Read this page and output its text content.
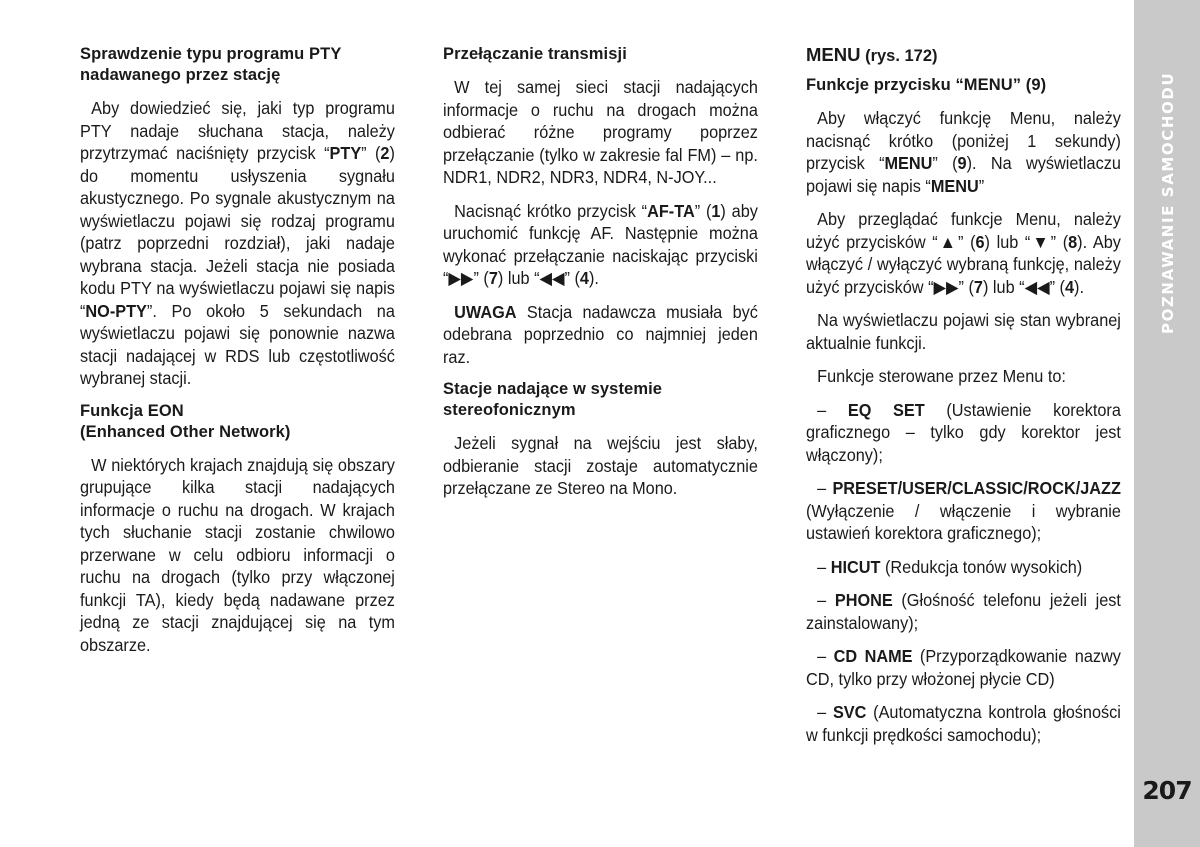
POZNAWANIE SAMOCHODU
207
Sprawdzenie typu programu PTY nadawanego przez stację

Aby dowiedzieć się, jaki typ programu PTY nadaje słuchana stacja, należy przytrzymać naciśnięty przycisk “PTY” (2) do momentu usłyszenia sygnału akustycznego. Po sygnale akustycznym na wyświetlaczu pojawi się rodzaj programu (patrz poprzedni rozdział), jaki nadaje wybrana stacja. Jeżeli stacja nie posiada kodu PTY na wyświetlaczu pojawi się napis “NO-PTY”. Po około 5 sekundach na wyświetlaczu pojawi się ponownie nazwa stacji nadającej w RDS lub częstotliwość wybranej stacji.

Funkcja EON
(Enhanced Other Network)

W niektórych krajach znajdują się obszary grupujące kilka stacji nadających informacje o ruchu na drogach. W krajach tych słuchanie stacji zostanie chwilowo przerwane w celu odbioru informacji o ruchu na drogach (tylko przy włączonej funkcji TA), kiedy będą nadawane przez jedną ze stacji znajdującej się na tym obszarze.

Przełączanie transmisji

W tej samej sieci stacji nadających informacje o ruchu na drogach można odbierać różne programy poprzez przełączanie (tylko w zakresie fal FM) – np. NDR1, NDR2, NDR3, NDR4, N-JOY...

Nacisnąć krótko przycisk “AF-TA” (1) aby uruchomić funkcję AF. Następnie można wykonać przełączanie naciskając przyciski “▶▶” (7) lub “◀◀” (4).

UWAGA Stacja nadawcza musiała być odebrana poprzednio co najmniej jeden raz.

Stacje nadające w systemie stereofonicznym

Jeżeli sygnał na wejściu jest słaby, odbieranie stacji zostaje automatycznie przełączane ze Stereo na Mono.

MENU (rys. 172)
Funkcje przycisku “MENU” (9)

Aby włączyć funkcję Menu, należy nacisnąć krótko (poniżej 1 sekundy) przycisk “MENU” (9). Na wyświetlaczu pojawi się napis “MENU”

Aby przeglądać funkcje Menu, należy użyć przycisków “▲” (6) lub “▼” (8). Aby włączyć / wyłączyć wybraną funkcję, należy użyć przycisków “▶▶” (7) lub “◀◀” (4).

Na wyświetlaczu pojawi się stan wybranej aktualnie funkcji.

Funkcje sterowane przez Menu to:

– EQ SET (Ustawienie korektora graficznego – tylko gdy korektor jest włączony);

– PRESET/USER/CLASSIC/ROCK/JAZZ (Wyłączenie / włączenie i wybranie ustawień korektora graficznego);

– HICUT (Redukcja tonów wysokich)

– PHONE (Głośność telefonu jeżeli jest zainstalowany);

– CD NAME (Przyporządkowanie nazwy CD, tylko przy włożonej płycie CD)

– SVC (Automatyczna kontrola głośności w funkcji prędkości samochodu);
